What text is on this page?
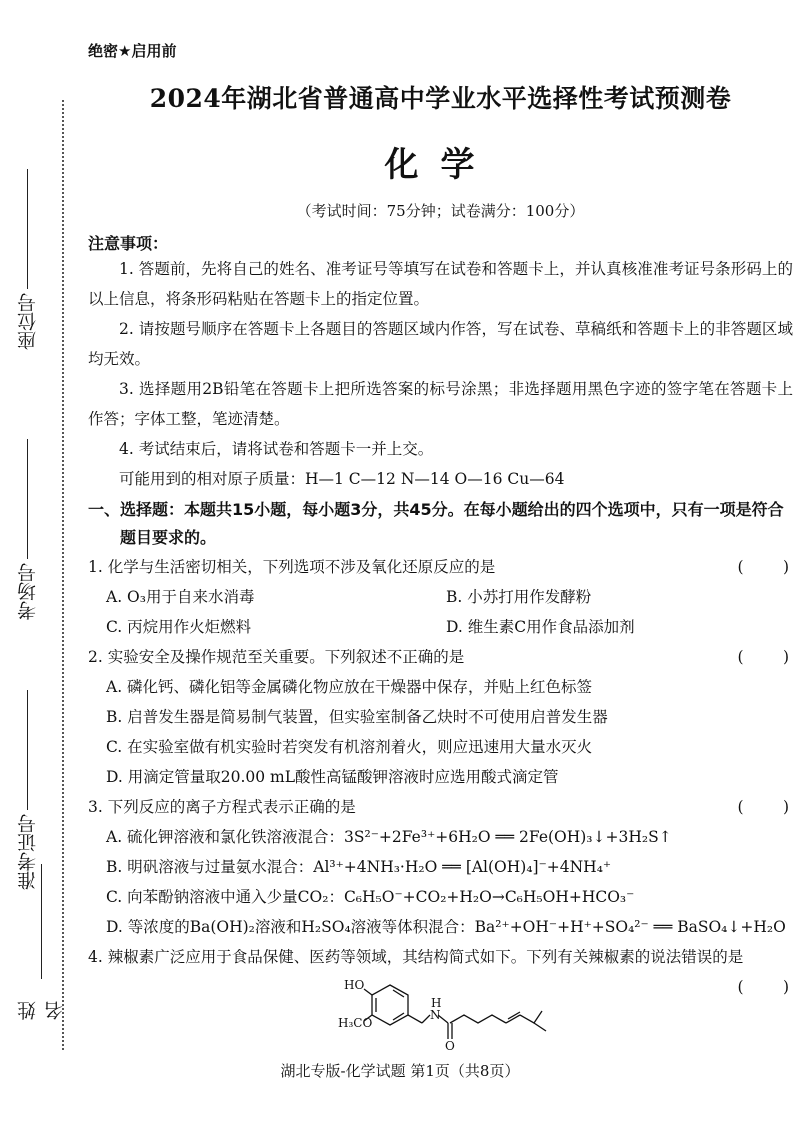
座位号
考场号
准考证号
姓名
绝密★启用前
2024年湖北省普通高中学业水平选择性考试预测卷
化学
（考试时间：75分钟；试卷满分：100分）
注意事项：
1. 答题前，先将自己的姓名、准考证号等填写在试卷和答题卡上，并认真核准准考证号条形码上的以上信息，将条形码粘贴在答题卡上的指定位置。
2. 请按题号顺序在答题卡上各题目的答题区域内作答，写在试卷、草稿纸和答题卡上的非答题区域均无效。
3. 选择题用2B铅笔在答题卡上把所选答案的标号涂黑；非选择题用黑色字迹的签字笔在答题卡上作答；字体工整，笔迹清楚。
4. 考试结束后，请将试卷和答题卡一并上交。
可能用到的相对原子质量：H—1 C—12 N—14 O—16 Cu—64
一、选择题：本题共15小题，每小题3分，共45分。在每小题给出的四个选项中，只有一项是符合题目要求的。
1. 化学与生活密切相关，下列选项不涉及氧化还原反应的是	(        )
A. O₃用于自来水消毒	B. 小苏打用作发酵粉
C. 丙烷用作火炬燃料	D. 维生素C用作食品添加剂
2. 实验安全及操作规范至关重要。下列叙述不正确的是	(        )
A. 磷化钙、磷化铝等金属磷化物应放在干燥器中保存，并贴上红色标签
B. 启普发生器是简易制气装置，但实验室制备乙炔时不可使用启普发生器
C. 在实验室做有机实验时若突发有机溶剂着火，则应迅速用大量水灭火
D. 用滴定管量取20.00 mL酸性高锰酸钾溶液时应选用酸式滴定管
3. 下列反应的离子方程式表示正确的是	(        )
A. 硫化钾溶液和氯化铁溶液混合：3S²⁻+2Fe³⁺+6H₂O ══ 2Fe(OH)₃↓+3H₂S↑
B. 明矾溶液与过量氨水混合：Al³⁺+4NH₃·H₂O ══ [Al(OH)₄]⁻+4NH₄⁺
C. 向苯酚钠溶液中通入少量CO₂：C₆H₅O⁻+CO₂+H₂O→C₆H₅OH+HCO₃⁻
D. 等浓度的Ba(OH)₂溶液和H₂SO₄溶液等体积混合：Ba²⁺+OH⁻+H⁺+SO₄²⁻ ══ BaSO₄↓+H₂O
4. 辣椒素广泛应用于食品保健、医药等领域，其结构简式如下。下列有关辣椒素的说法错误的是
(        )
HO
H₃CO
N
H
O
湖北专版-化学试题 第1页（共8页）
